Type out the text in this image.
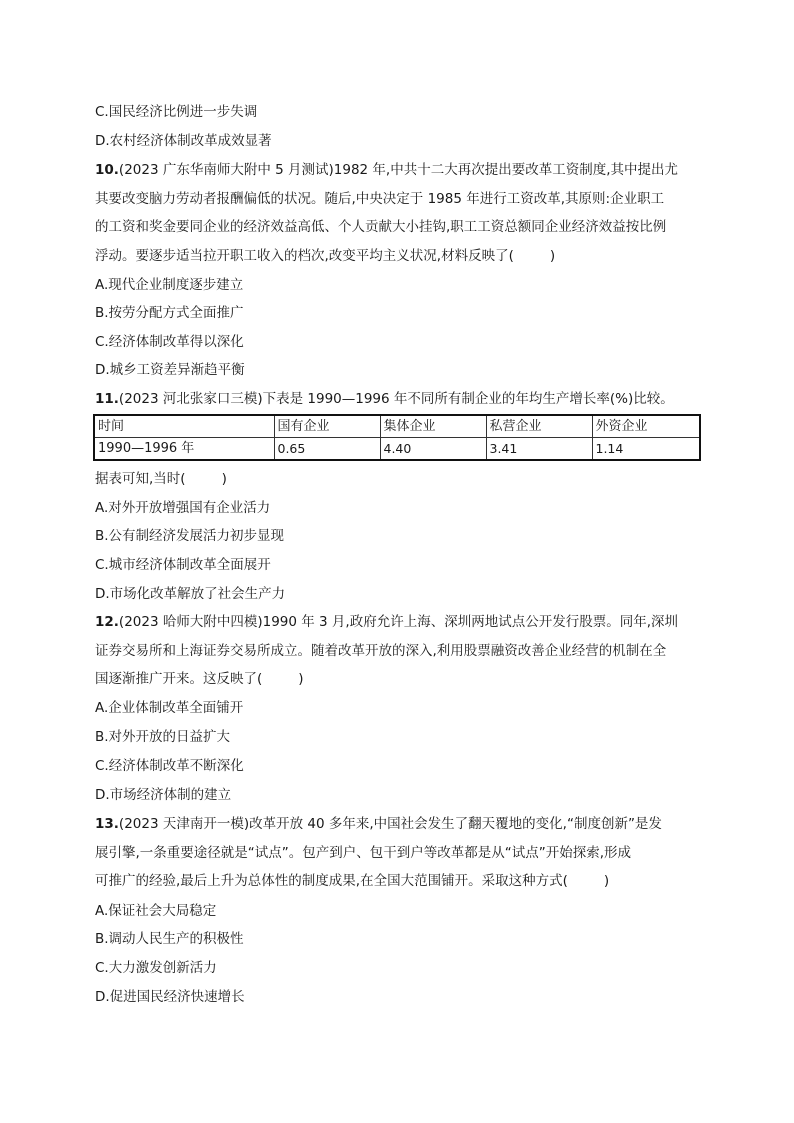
C.国民经济比例进一步失调
D.农村经济体制改革成效显著
10.(2023 广东华南师大附中 5 月测试)1982 年,中共十二大再次提出要改革工资制度,其中提出尤
其要改变脑力劳动者报酬偏低的状况。随后,中央决定于 1985 年进行工资改革,其原则:企业职工
的工资和奖金要同企业的经济效益高低、个人贡献大小挂钩,职工工资总额同企业经济效益按比例
浮动。要逐步适当拉开职工收入的档次,改变平均主义状况,材料反映了(	)
A.现代企业制度逐步建立
B.按劳分配方式全面推广
C.经济体制改革得以深化
D.城乡工资差异渐趋平衡
11.(2023 河北张家口三模)下表是 1990—1996 年不同所有制企业的年均生产增长率(%)比较。
时间	国有企业	集体企业	私营企业	外资企业
1990—1996 年	0.65	4.40	3.41	1.14
据表可知,当时(	)
A.对外开放增强国有企业活力
B.公有制经济发展活力初步显现
C.城市经济体制改革全面展开
D.市场化改革解放了社会生产力
12.(2023 哈师大附中四模)1990 年 3 月,政府允许上海、深圳两地试点公开发行股票。同年,深圳
证券交易所和上海证券交易所成立。随着改革开放的深入,利用股票融资改善企业经营的机制在全
国逐渐推广开来。这反映了(	)
A.企业体制改革全面铺开
B.对外开放的日益扩大
C.经济体制改革不断深化
D.市场经济体制的建立
13.(2023 天津南开一模)改革开放 40 多年来,中国社会发生了翻天覆地的变化,“制度创新”是发
展引擎,一条重要途径就是“试点”。包产到户、包干到户等改革都是从“试点”开始探索,形成
可推广的经验,最后上升为总体性的制度成果,在全国大范围铺开。采取这种方式(	)
A.保证社会大局稳定
B.调动人民生产的积极性
C.大力激发创新活力
D.促进国民经济快速增长
